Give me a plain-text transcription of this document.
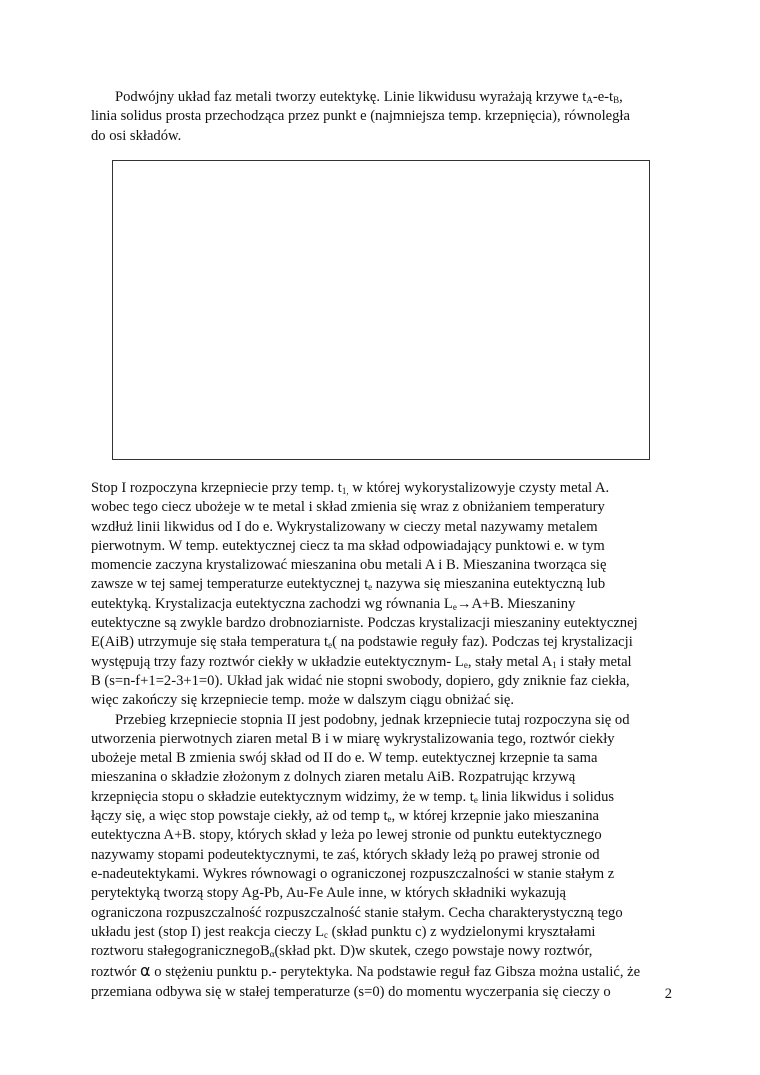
Podwójny układ faz metali tworzy eutektykę. Linie likwidusu wyrażają krzywe $t_A-e-t_B$,
linia solidus prosta przechodząca przez punkt e (najmniejsza temp. krzepnięcia), równoległa
do osi składów.

Stop I rozpoczyna krzepniecie przy temp. $t_{1,}$ w której wykorystalizowyje czysty metal A.
wobec tego ciecz ubożeje w te metal i skład zmienia się wraz z obniżaniem temperatury
wzdłuż linii likwidus od I do e. Wykrystalizowany w cieczy metal nazywamy metalem
pierwotnym. W temp. eutektycznej ciecz ta ma skład odpowiadający punktowi e. w tym
momencie zaczyna krystalizować mieszanina obu metali A i B. Mieszanina tworząca się
zawsze w tej samej temperaturze eutektycznej $t_e$ nazywa się mieszanina eutektyczną lub
eutektyką. Krystalizacja eutektyczna zachodzi wg równania $L_e\to A+B$. Mieszaniny
eutektyczne są zwykle bardzo drobnoziarniste. Podczas krystalizacji mieszaniny eutektycznej
E(AiB) utrzymuje się stała temperatura $t_e$( na podstawie reguły faz). Podczas tej krystalizacji
występują trzy fazy roztwór ciekły w układzie eutektycznym- $L_e$, stały metal $A_1$ i stały metal
B (s=n-f+1=2-3+1=0). Układ jak widać nie stopni swobody, dopiero, gdy zniknie faz ciekła,
więc zakończy się krzepniecie temp. może w dalszym ciągu obniżać się.
Przebieg krzepniecie stopnia II jest podobny, jednak krzepniecie tutaj rozpoczyna się od
utworzenia pierwotnych ziaren metal B i w miarę wykrystalizowania tego, roztwór ciekły
ubożeje metal B zmienia swój skład od II do e. W temp. eutektycznej krzepnie ta sama
mieszanina o składzie złożonym z dolnych ziaren metalu AiB. Rozpatrując krzywą
krzepnięcia stopu o składzie eutektycznym widzimy, że w temp. $t_e$ linia likwidus i solidus
łączy się, a więc stop powstaje ciekły, aż od temp $t_e$, w której krzepnie jako mieszanina
eutektyczna A+B. stopy, których skład y leża po lewej stronie od punktu eutektycznego
nazywamy stopami podeutektycznymi, te zaś, których składy leżą po prawej stronie od
e-nadeutektykami. Wykres równowagi o ograniczonej rozpuszczalności w stanie stałym z
perytektyką tworzą stopy Ag-Pb, Au-Fe Aule inne, w których składniki wykazują
ograniczona rozpuszczalność rozpuszczalność stanie stałym. Cecha charakterystyczną tego
układu jest (stop I) jest reakcja cieczy $L_c$ (skład punktu c) z wydzielonymi kryształami
roztworu stałegogranicznegoB$_\alpha$(skład pkt. D)w skutek, czego powstaje nowy roztwór,
roztwór α o stężeniu punktu p.- perytektyka. Na podstawie reguł faz Gibsza można ustalić, że
przemiana odbywa się w stałej temperaturze (s=0) do momentu wyczerpania się cieczy o	2
